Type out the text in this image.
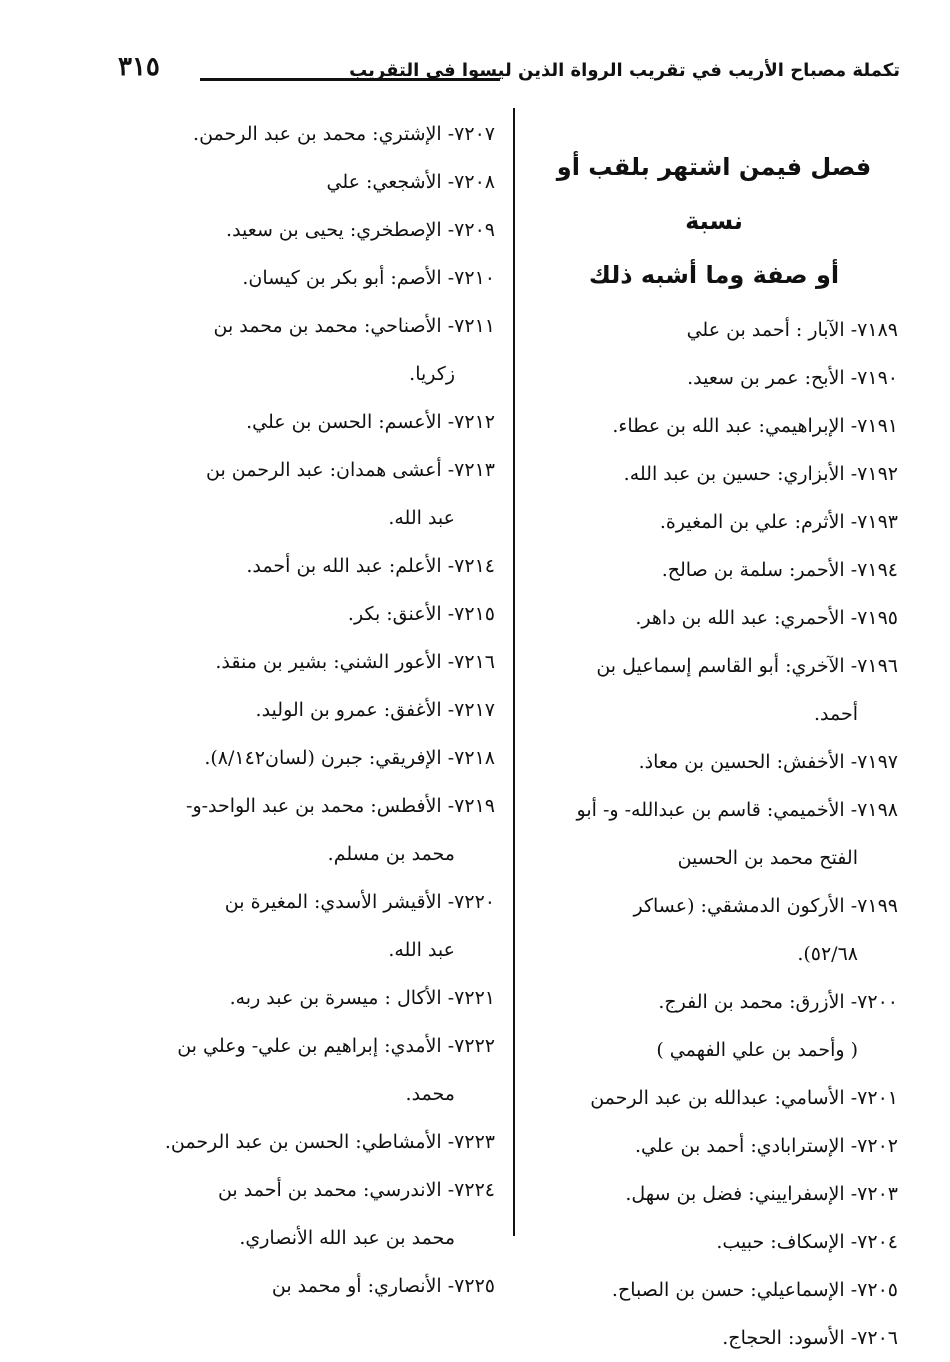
٣١٥	تكملة مصباح الأريب في تقريب الرواة الذين ليسوا في التقريب

فصل فيمن اشتهر بلقب أو نسبة

أو صفة وما أشبه ذلك

٧١٨٩- الآبار : أحمد بن علي

٧١٩٠- الأبح: عمر بن سعيد.

٧١٩١- الإبراهيمي: عبد الله بن عطاء.

٧١٩٢- الأبزاري: حسين بن عبد الله.

٧١٩٣- الأثرم: علي بن المغيرة.

٧١٩٤- الأحمر: سلمة بن صالح.

٧١٩٥- الأحمري: عبد الله بن داهر.

٧١٩٦- الآخري: أبو القاسم إسماعيل بن

أحمد.

٧١٩٧- الأخفش: الحسين بن معاذ.

٧١٩٨- الأخميمي: قاسم بن عبدالله- و- أبو

الفتح محمد بن الحسين

٧١٩٩- الأركون الدمشقي: (عساكر

٥٢/٦٨).

٧٢٠٠- الأزرق: محمد بن الفرج.

( وأحمد بن علي الفهمي )

٧٢٠١- الأسامي: عبدالله بن عبد الرحمن

٧٢٠٢- الإسترابادي: أحمد بن علي.

٧٢٠٣- الإسفراييني: فضل بن سهل.

٧٢٠٤- الإسكاف: حبيب.

٧٢٠٥- الإسماعيلي: حسن بن الصباح.

٧٢٠٦- الأسود: الحجاج.

٧٢٠٧- الإشتري: محمد بن عبد الرحمن.

٧٢٠٨- الأشجعي: علي

٧٢٠٩- الإصطخري: يحيى بن سعيد.

٧٢١٠- الأصم: أبو بكر بن كيسان.

٧٢١١- الأصناحي: محمد بن محمد بن

زكريا.

٧٢١٢- الأعسم: الحسن بن علي.

٧٢١٣- أعشى همدان: عبد الرحمن بن

عبد الله.

٧٢١٤- الأعلم: عبد الله بن أحمد.

٧٢١٥- الأعنق: بكر.

٧٢١٦- الأعور الشني: بشير بن منقذ.

٧٢١٧- الأغفق: عمرو بن الوليد.

٧٢١٨- الإفريقي: جبرن (لسان٨/١٤٢).

٧٢١٩- الأفطس: محمد بن عبد الواحد-و-

محمد بن مسلم.

٧٢٢٠- الأقيشر الأسدي: المغيرة بن

عبد الله.

٧٢٢١- الأكال : ميسرة بن عبد ربه.

٧٢٢٢- الأمدي: إبراهيم بن علي- وعلي بن

محمد.

٧٢٢٣- الأمشاطي: الحسن بن عبد الرحمن.

٧٢٢٤- الاندرسي: محمد بن أحمد بن

محمد بن عبد الله الأنصاري.

٧٢٢٥- الأنصاري: أو محمد بن
